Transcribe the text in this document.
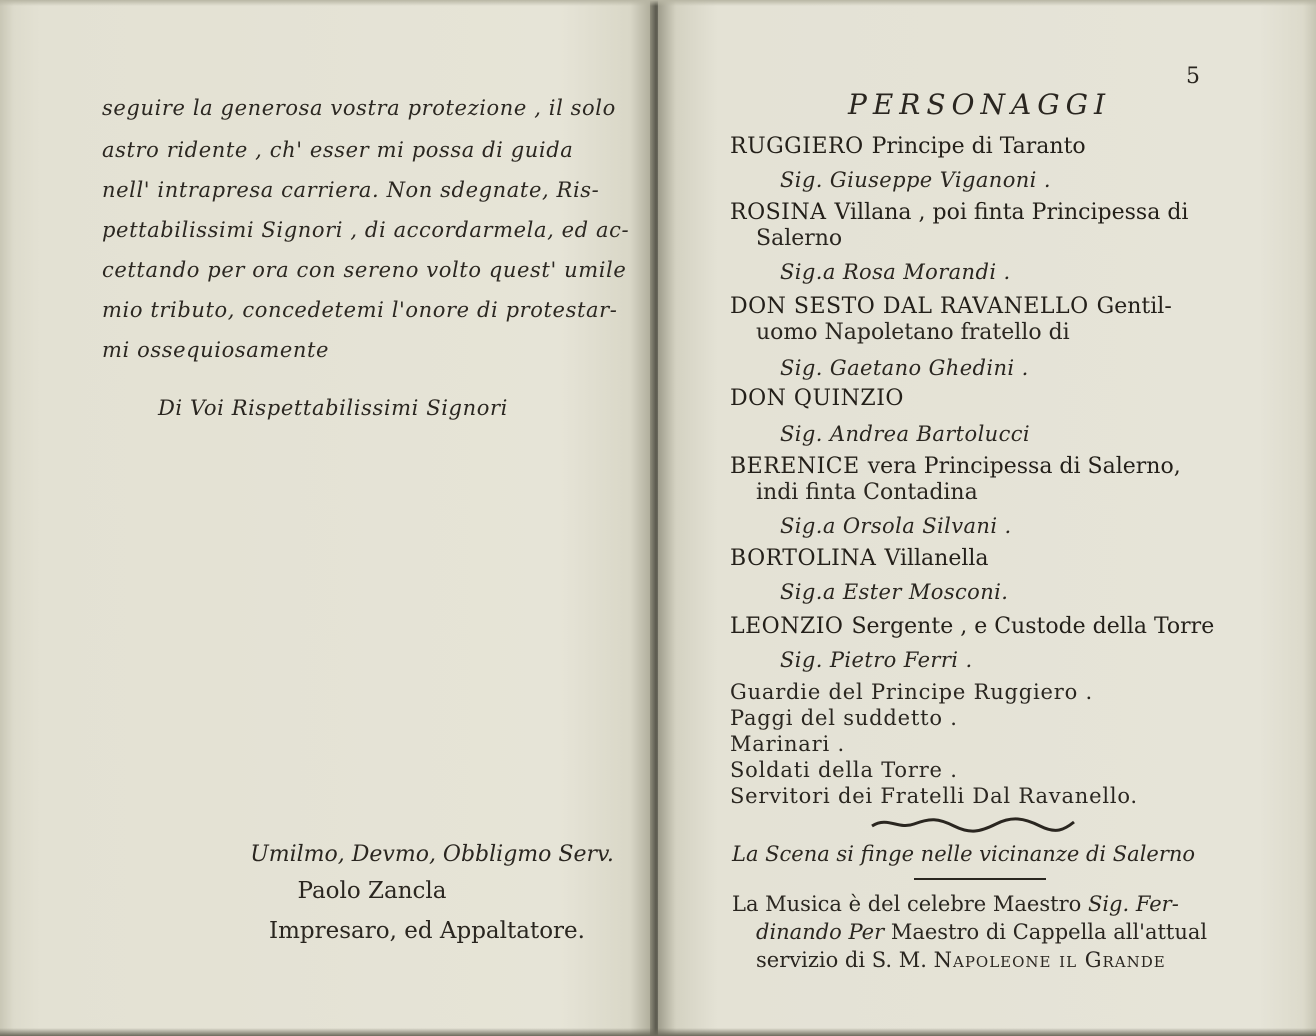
seguire la generosa vostra protezione , il solo
astro ridente , ch' esser mi possa di guida
nell' intrapresa carriera. Non sdegnate, Ris-
pettabilissimi Signori , di accordarmela, ed ac-
cettando per ora con sereno volto quest' umile
mio tributo, concedetemi l'onore di protestar-
mi ossequiosamente
Di Voi Rispettabilissimi Signori
Umilmo, Devmo, Obbligmo Serv.
Paolo Zancla
Impresaro, ed Appaltatore.
5
PERSONAGGI
RUGGIERO Principe di Taranto
Sig. Giuseppe Viganoni .
ROSINA Villana , poi finta Principessa di
Salerno
Sig.a Rosa Morandi .
DON SESTO DAL RAVANELLO Gentil-
uomo Napoletano fratello di
Sig. Gaetano Ghedini .
DON QUINZIO
Sig. Andrea Bartolucci
BERENICE vera Principessa di Salerno,
indi finta Contadina
Sig.a Orsola Silvani .
BORTOLINA Villanella
Sig.a Ester Mosconi.
LEONZIO Sergente , e Custode della Torre
Sig. Pietro Ferri .
Guardie del Principe Ruggiero .
Paggi del suddetto .
Marinari .
Soldati della Torre .
Servitori dei Fratelli Dal Ravanello.
La Scena si finge nelle vicinanze di Salerno
La Musica è del celebre Maestro Sig. Fer-
dinando Per Maestro di Cappella all'attual
servizio di S. M. Napoleone il Grande
